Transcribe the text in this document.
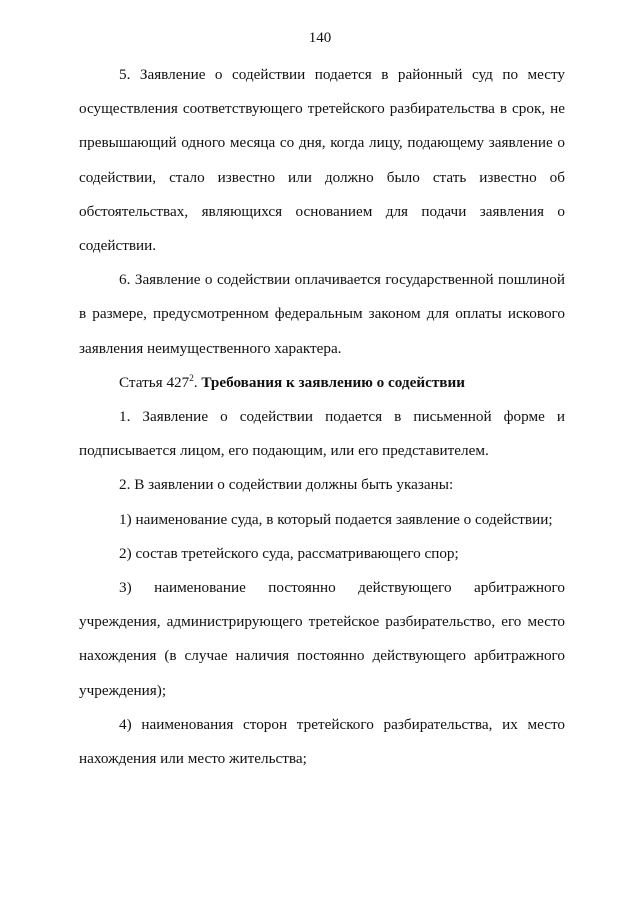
140

5. Заявление о содействии подается в районный суд по месту осуществления соответствующего третейского разбирательства в срок, не превышающий одного месяца со дня, когда лицу, подающему заявление о содействии, стало известно или должно было стать известно об обстоятельствах, являющихся основанием для подачи заявления о содействии.

6. Заявление о содействии оплачивается государственной пошлиной в размере, предусмотренном федеральным законом для оплаты искового заявления неимущественного характера.

Статья $427^2$. Требования к заявлению о содействии

1. Заявление о содействии подается в письменной форме и подписывается лицом, его подающим, или его представителем.

2. В заявлении о содействии должны быть указаны:

1) наименование суда, в который подается заявление о содействии;

2) состав третейского суда, рассматривающего спор;

3) наименование постоянно действующего арбитражного учреждения, администрирующего третейское разбирательство, его место нахождения (в случае наличия постоянно действующего арбитражного учреждения);

4) наименования сторон третейского разбирательства, их место нахождения или место жительства;
